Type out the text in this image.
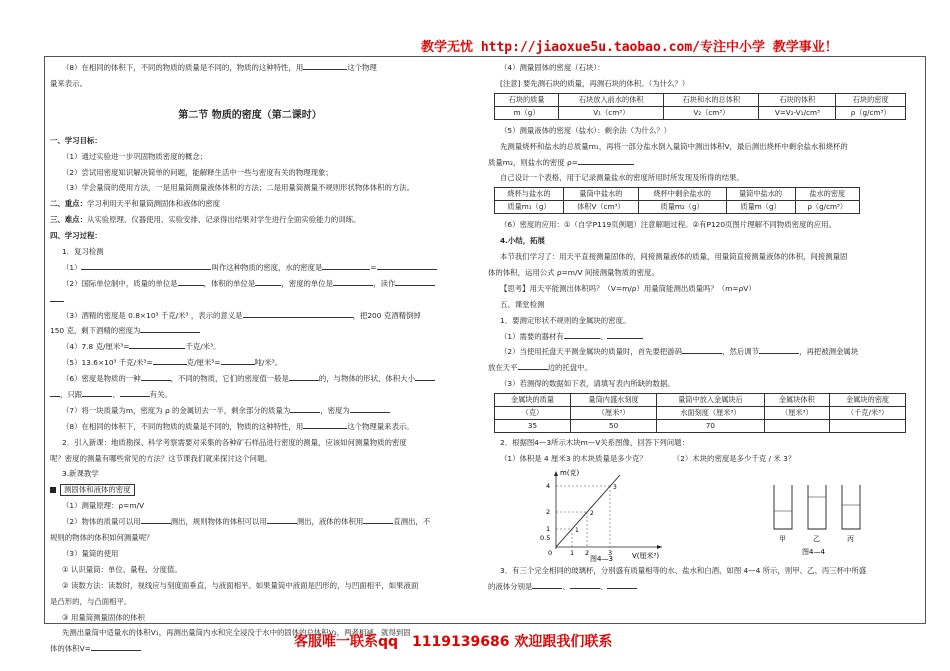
教学无忧 http://jiaoxue5u.taobao.com/专注中小学 教学事业！
（8）在相同的体积下，不同的物质的质量是不同的，物质的这种特性，用	这个物理
量来表示。
第二节 物质的密度（第二课时）
一、学习目标：
（1）通过实验进一步巩固物质密度的概念；
（2）尝试用密度知识解决简单的问题，能解释生活中一些与密度有关的物理现象；
（3）学会量筒的使用方法，一是用量筒测量液体体积的方法；二是用量筒测量不规则形状物体体积的方法。
二、重点：学习利用天平和量筒测固体和液体的密度
三、难点：从实验原理、仪器使用、实验安排、记录得出结果对学生进行全面实验能力的训练。
四、学习过程：
1．复习检测
（1）	叫作这种物质的密度，水的密度是	=
（2）国际单位制中，质量的单位是	，体积的单位是	，密度的单位是	，读作
（3）酒精的密度是 0.8×10³ 千克/米³ ，表示的意义是	，把200 克酒精倒掉
150 克，剩下酒精的密度为
（4）7.8 克/厘米³=	千克/米³。
（5）13.6×10³ 千克/米³=	克/厘米³=	吨/米³。
（6）密度是物质的一种	，不同的物质，它们的密度值一般是	的，与物体的形状、体积大小
，只跟	、	有关。
（7）将一块质量为m，密度为 ρ 的金属切去一半，剩余部分的质量为	，密度为
（8）在相同的体积下，不同的物质的质量是不同的，物质的这种特性，用	这个物理量来表示。
2．引入新课：地质勘探、科学考察需要对采集的各种矿石样品进行密度的测量，应该如何测量物质的密度
呢？密度的测量有哪些常见的方法？这节课我们就来探讨这个问题。
3.新课教学
测固体和液体的密度
（1）测量原理：ρ=m/V
（2）物体的质量可以用	测出，规则物体的体积可以用	测出，液体的体积用	直测出，不
规则的物体的体积如何测量呢？
（3）量筒的使用
① 认识量筒：单位、量程、分度值。
② 读数方法：读数时，视线应与刻度面垂直，与液面相平。如果量筒中液面是凹形的，与凹面相平，如果液面
是凸形的，与凸面相平。
③ 用量筒测量固体的体积
先测出量筒中适量水的体积V₁，再测出量筒内水和完全浸没于水中的固体的总体积V₂，两者相减，就得到固
体的体积V=
（4）测量固体的密度（石块）：
[注意] 要先测石块的质量，再测石块的体积。（为什么？）
石块的质量	石块放入前水的体积	石块和水的总体积	石块的体积	石块的密度
m（g）	V₁（cm³）	V₂（cm³）	V=V₂-V₁/cm³	ρ（g/cm³）
（5）测量液体的密度（盐水）：剩余法（为什么？）
先测量烧杯和盐水的总质量m₁，再将一部分盐水倒入量筒中测出体积V，最后测出烧杯中剩余盐水和烧杯的
质量m₂，则盐水的密度 ρ=
自己设计一个表格，用于记录测量盐水的密度所用时所发现及所得的结果。
烧杯与盐水的	量筒中盐水的	烧杯中剩余盐水的	量筒中盐水的	盐水的密度
质量m₁（g）	体积V（cm³）	质量m₂（g）	质量m（g）	ρ（g/cm³）
（6）密度的应用：①（自学P119页例题）注意解题过程。②有P120页图片理解不同物质密度的应用。
4.小结，拓展
本节我们学习了：用天平直接测量固体的，间接测量液体的质量，用量筒直接测量液体的体积，间接测量固
体的体积，运用公式 ρ=m/V 间接测量物质的密度。
【思考】用天平能测出体积吗？（V=m/ρ）用量筒能测出质量吗？（m=ρV）
五、课堂检测
1．要测定形状不规则的金属块的密度。
（1）需要的器材有	、
（2）当使用托盘天平测金属块的质量时，首先要把游码	，然后调节	，再把被测金属块
放在天平	边的托盘中。
（3）若测得的数据如下表，请填写表内所缺的数据。
金属块的质量	量筒内盛水刻度	量筒中放入金属块后	金属块体积	金属块的密度
（克）	（厘米³）	水面刻度（厘米³）	（厘米³）	（千克/米³）
35	50	70		
2．根据图4—3所示木块m—V关系图像，回答下列问题：
（1）体积是 4 厘米3 的木块质量是多少克？	（2）木块的密度是多少千克 / 米 3？
m(克)
V(厘米³)
4
2
1
0.5
0	1 2	3
3
2
1
图4—3
甲	乙	丙
图4—4
3．有三个完全相同的玻璃杯，分别盛有质量相等的水、盐水和白酒，如图 4—4 所示，则甲、乙、丙三杯中所盛
的液体分别是	、	、
客服唯一联系qq　1119139686 欢迎跟我们联系
